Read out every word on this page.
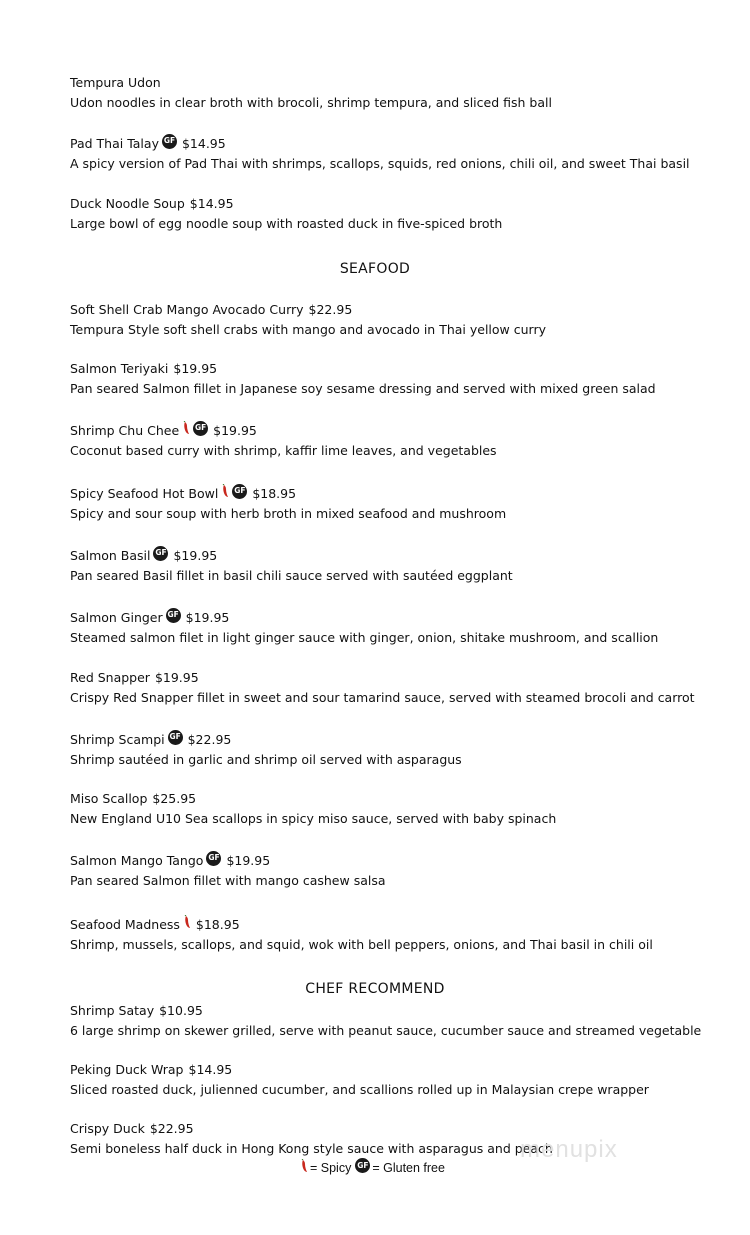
Tempura Udon
Udon noodles in clear broth with brocoli, shrimp tempura, and sliced fish ball
Pad Thai Talay GF $14.95
A spicy version of Pad Thai with shrimps, scallops, squids, red onions, chili oil, and sweet Thai basil
Duck Noodle Soup $14.95
Large bowl of egg noodle soup with roasted duck in five-spiced broth
Soft Shell Crab Mango Avocado Curry $22.95
Tempura Style soft shell crabs with mango and avocado in Thai yellow curry
Salmon Teriyaki $19.95
Pan seared Salmon fillet in Japanese soy sesame dressing and served with mixed green salad
Shrimp Chu Chee GF $19.95
Coconut based curry with shrimp, kaffir lime leaves, and vegetables
Spicy Seafood Hot Bowl GF $18.95
Spicy and sour soup with herb broth in mixed seafood and mushroom
Salmon Basil GF $19.95
Pan seared Basil fillet in basil chili sauce served with sautéed eggplant
Salmon Ginger GF $19.95
Steamed salmon filet in light ginger sauce with ginger, onion, shitake mushroom, and scallion
Red Snapper $19.95
Crispy Red Snapper fillet in sweet and sour tamarind sauce, served with steamed brocoli and carrot
Shrimp Scampi GF $22.95
Shrimp sautéed in garlic and shrimp oil served with asparagus
Miso Scallop $25.95
New England U10 Sea scallops in spicy miso sauce, served with baby spinach
Salmon Mango Tango GF $19.95
Pan seared Salmon fillet with mango cashew salsa
Seafood Madness $18.95
Shrimp, mussels, scallops, and squid, wok with bell peppers, onions, and Thai basil in chili oil
Shrimp Satay $10.95
6 large shrimp on skewer grilled, serve with peanut sauce, cucumber sauce and streamed vegetable
Peking Duck Wrap $14.95
Sliced roasted duck, julienned cucumber, and scallions rolled up in Malaysian crepe wrapper
Crispy Duck $22.95
Semi boneless half duck in Hong Kong style sauce with asparagus and peach
SEAFOOD
CHEF RECOMMEND
= Spicy GF = Gluten free
menupix
